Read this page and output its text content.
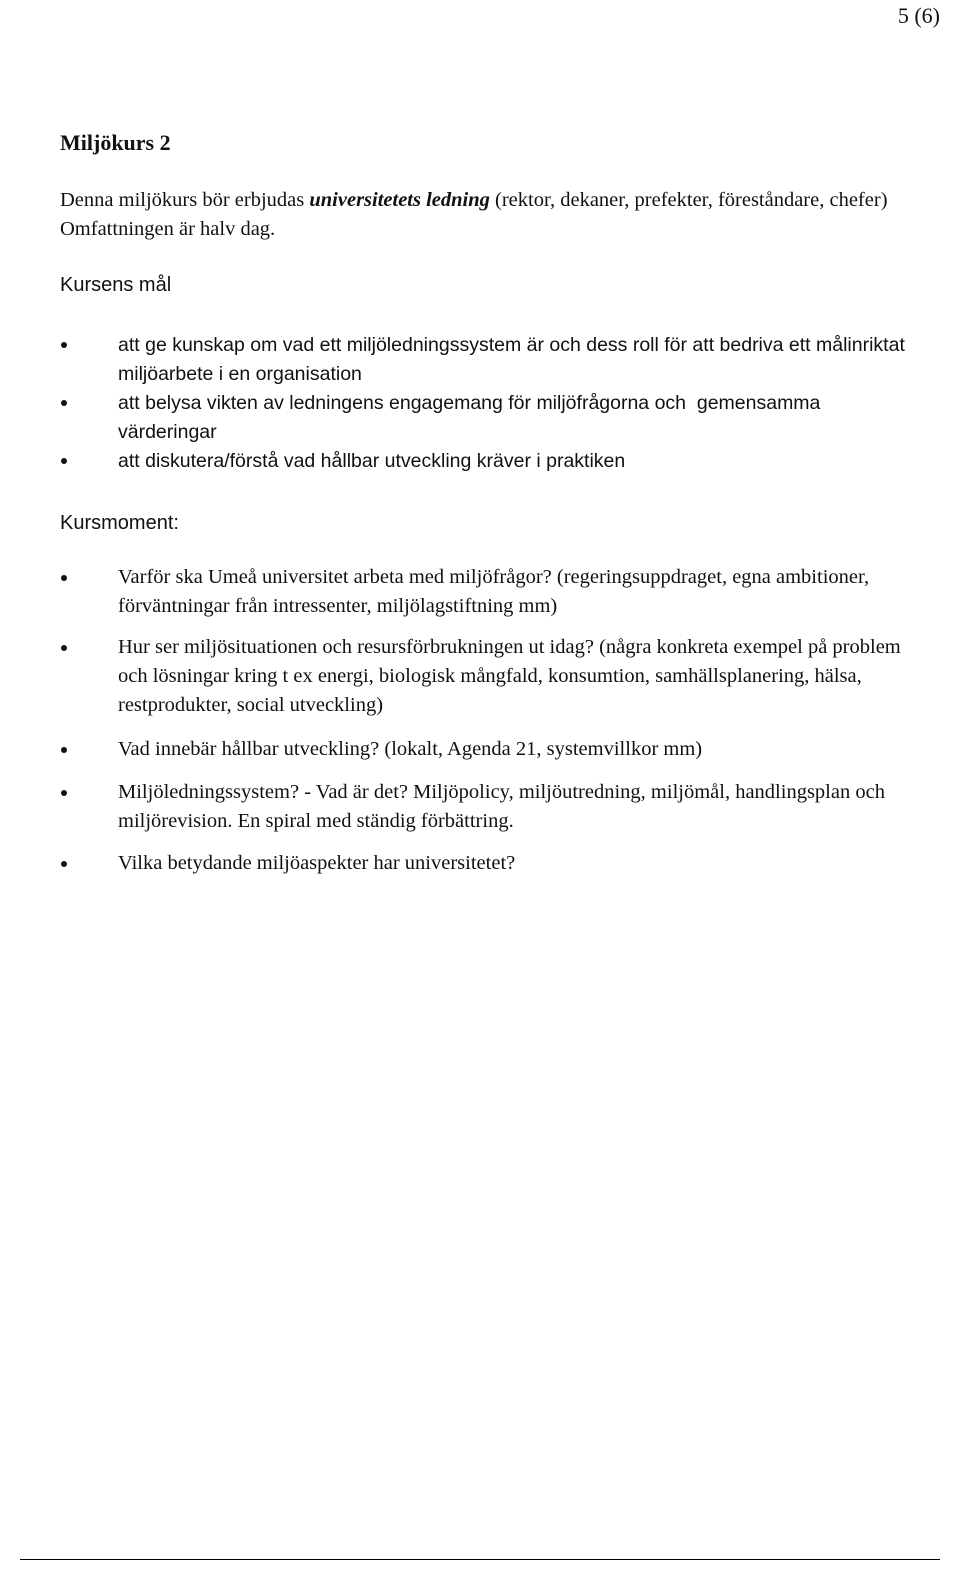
5 (6)
Miljökurs 2

Denna miljökurs bör erbjudas universitetets ledning (rektor, dekaner, prefekter, föreståndare, chefer) Omfattningen är halv dag.

Kursens mål
att ge kunskap om vad ett miljöledningssystem är och dess roll för att bedriva ett målinriktat miljöarbete i en organisation
att belysa vikten av ledningens engagemang för miljöfrågorna och  gemensamma värderingar
att diskutera/förstå vad hållbar utveckling kräver i praktiken
Kursmoment:
Varför ska Umeå universitet arbeta med miljöfrågor? (regeringsuppdraget, egna ambitioner, förväntningar från intressenter, miljölagstiftning mm)
Hur ser miljösituationen och resursförbrukningen ut idag? (några konkreta exempel på problem och lösningar kring t ex energi, biologisk mångfald, konsumtion, samhällsplanering, hälsa, restprodukter, social utveckling)
Vad innebär hållbar utveckling? (lokalt, Agenda 21, systemvillkor mm)
Miljöledningssystem? - Vad är det? Miljöpolicy, miljöutredning, miljömål, handlingsplan och miljörevision. En spiral med ständig förbättring.
Vilka betydande miljöaspekter har universitetet?
